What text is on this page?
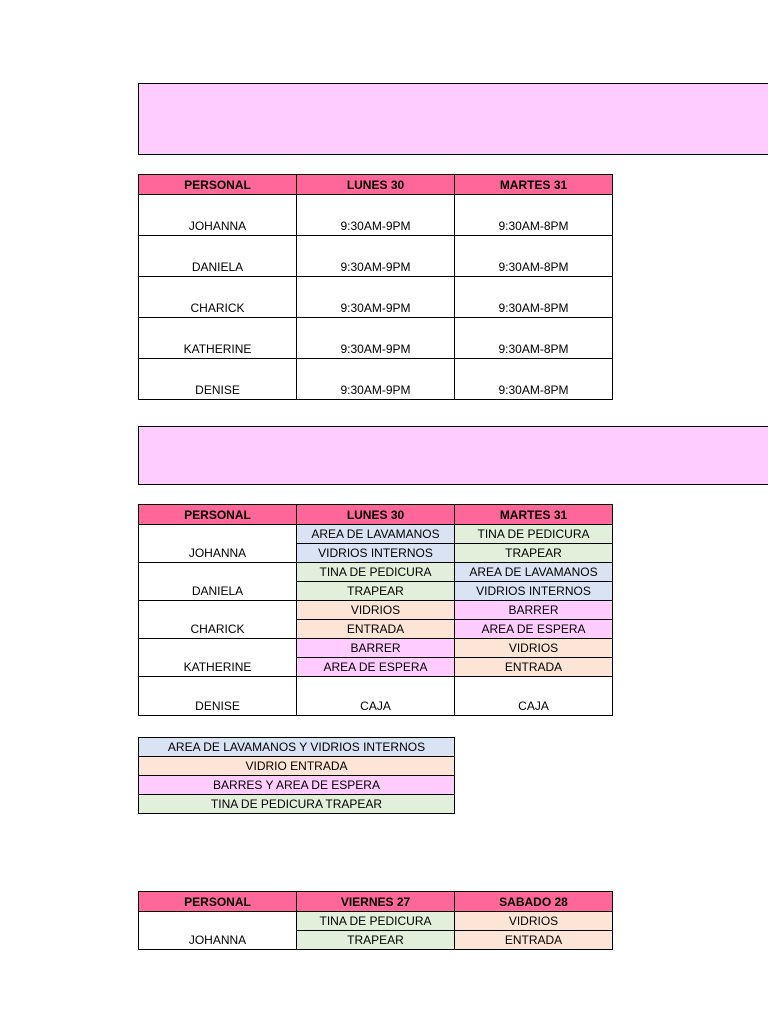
PERSONAL	LUNES 30	MARTES 31
JOHANNA	9:30AM-9PM	9:30AM-8PM
DANIELA	9:30AM-9PM	9:30AM-8PM
CHARICK	9:30AM-9PM	9:30AM-8PM
KATHERINE	9:30AM-9PM	9:30AM-8PM
DENISE	9:30AM-9PM	9:30AM-8PM
PERSONAL	LUNES 30	MARTES 31
JOHANNA	AREA DE LAVAMANOS	TINA DE PEDICURA
	VIDRIOS INTERNOS	TRAPEAR
DANIELA	TINA DE PEDICURA	AREA DE LAVAMANOS
	TRAPEAR	VIDRIOS INTERNOS
CHARICK	VIDRIOS	BARRER
	ENTRADA	AREA DE ESPERA
KATHERINE	BARRER	VIDRIOS
	AREA DE ESPERA	ENTRADA
DENISE	CAJA	CAJA
AREA DE LAVAMANOS Y VIDRIOS INTERNOS
VIDRIO ENTRADA
BARRES Y AREA DE ESPERA
TINA DE PEDICURA TRAPEAR
PERSONAL	VIERNES 27	SABADO 28
JOHANNA	TINA DE PEDICURA	VIDRIOS
	TRAPEAR	ENTRADA
